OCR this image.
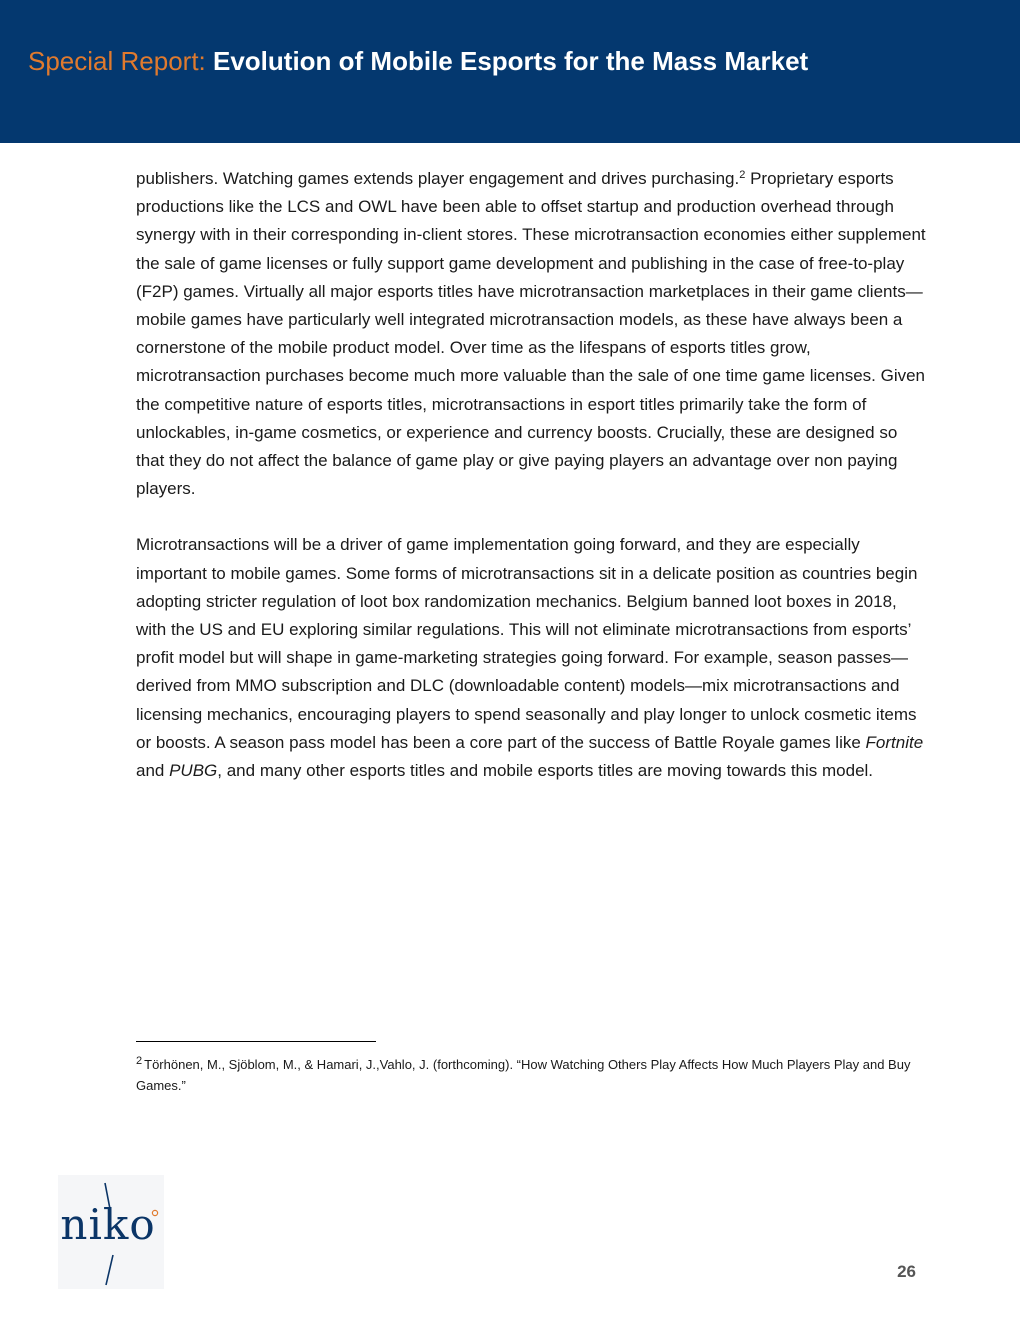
Special Report: Evolution of Mobile Esports for the Mass Market

publishers. Watching games extends player engagement and drives purchasing.$^2$ Proprietary esports productions like the LCS and OWL have been able to offset startup and production overhead through synergy with in their corresponding in-client stores. These microtransaction economies either supplement the sale of game licenses or fully support game development and publishing in the case of free-to-play (F2P) games. Virtually all major esports titles have microtransaction marketplaces in their game clients—mobile games have particularly well integrated microtransaction models, as these have always been a cornerstone of the mobile product model. Over time as the lifespans of esports titles grow, microtransaction purchases become much more valuable than the sale of one time game licenses. Given the competitive nature of esports titles, microtransactions in esport titles primarily take the form of unlockables, in-game cosmetics, or experience and currency boosts. Crucially, these are designed so that they do not affect the balance of game play or give paying players an advantage over non paying players.

Microtransactions will be a driver of game implementation going forward, and they are especially important to mobile games. Some forms of microtransactions sit in a delicate position as countries begin adopting stricter regulation of loot box randomization mechanics. Belgium banned loot boxes in 2018, with the US and EU exploring similar regulations. This will not eliminate microtransactions from esports’ profit model but will shape in game-marketing strategies going forward. For example, season passes—derived from MMO subscription and DLC (downloadable content) models—mix microtransactions and licensing mechanics, encouraging players to spend seasonally and play longer to unlock cosmetic items or boosts. A season pass model has been a core part of the success of Battle Royale games like Fortnite and PUBG, and many other esports titles and mobile esports titles are moving towards this model.

$^2$ Törhönen, M., Sjöblom, M., & Hamari, J.,Vahlo, J. (forthcoming). “How Watching Others Play Affects How Much Players Play and Buy Games.”
niko
26
